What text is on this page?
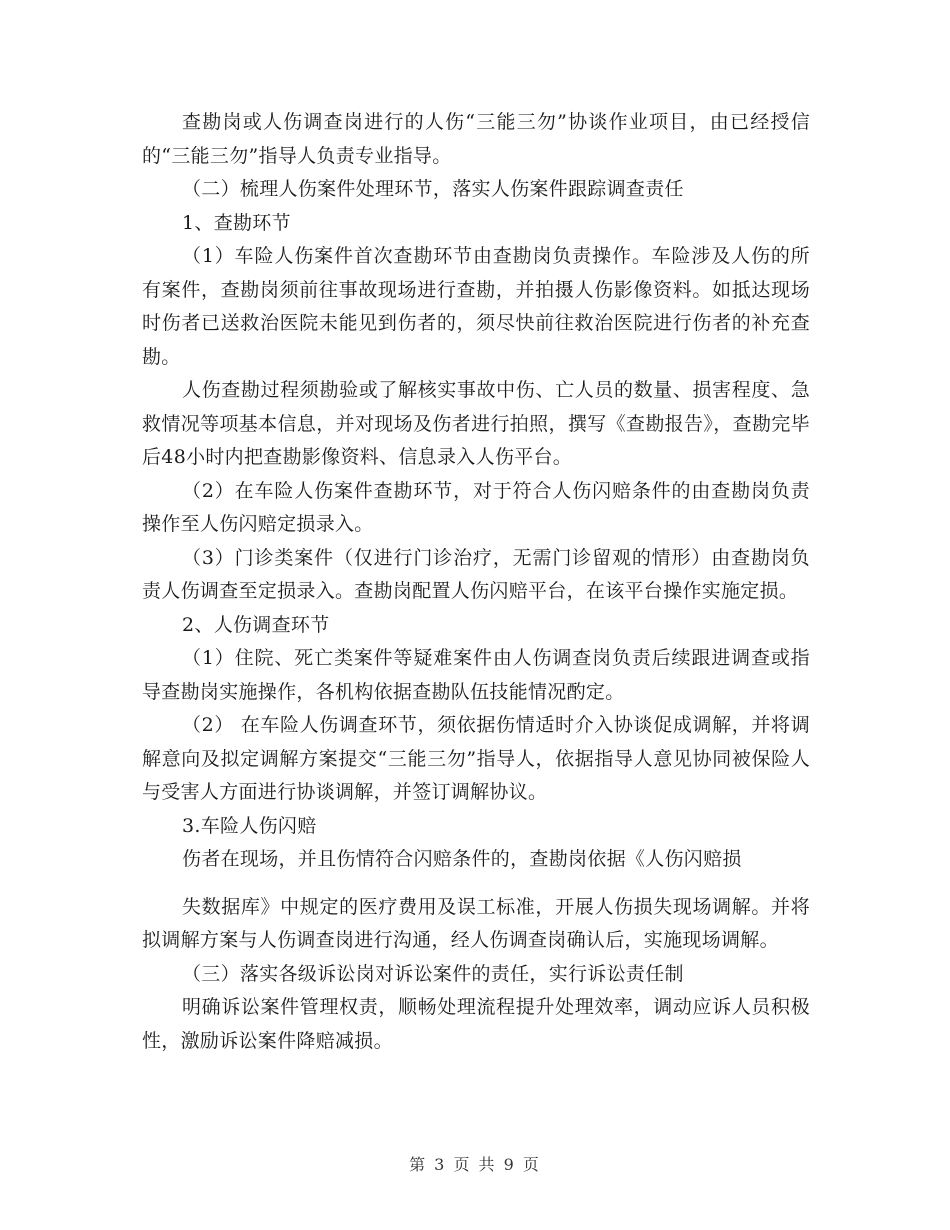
查勘岗或人伤调查岗进行的人伤“三能三勿”协谈作业项目，由已经授信的“三能三勿”指导人负责专业指导。

（二）梳理人伤案件处理环节，落实人伤案件跟踪调查责任

1、查勘环节

（1）车险人伤案件首次查勘环节由查勘岗负责操作。车险涉及人伤的所有案件，查勘岗须前往事故现场进行查勘，并拍摄人伤影像资料。如抵达现场时伤者已送救治医院未能见到伤者的，须尽快前往救治医院进行伤者的补充查勘。

人伤查勘过程须勘验或了解核实事故中伤、亡人员的数量、损害程度、急救情况等项基本信息，并对现场及伤者进行拍照，撰写《查勘报告》，查勘完毕后48小时内把查勘影像资料、信息录入人伤平台。

（2）在车险人伤案件查勘环节，对于符合人伤闪赔条件的由查勘岗负责操作至人伤闪赔定损录入。

（3）门诊类案件（仅进行门诊治疗，无需门诊留观的情形）由查勘岗负责人伤调查至定损录入。查勘岗配置人伤闪赔平台，在该平台操作实施定损。

2、人伤调查环节

（1）住院、死亡类案件等疑难案件由人伤调查岗负责后续跟进调查或指导查勘岗实施操作，各机构依据查勘队伍技能情况酌定。

（2） 在车险人伤调查环节，须依据伤情适时介入协谈促成调解，并将调解意向及拟定调解方案提交“三能三勿”指导人，依据指导人意见协同被保险人与受害人方面进行协谈调解，并签订调解协议。

3.车险人伤闪赔

伤者在现场，并且伤情符合闪赔条件的，查勘岗依据《人伤闪赔损

失数据库》中规定的医疗费用及误工标准，开展人伤损失现场调解。并将拟调解方案与人伤调查岗进行沟通，经人伤调查岗确认后，实施现场调解。

（三）落实各级诉讼岗对诉讼案件的责任，实行诉讼责任制

明确诉讼案件管理权责，顺畅处理流程提升处理效率，调动应诉人员积极性，激励诉讼案件降赔减损。

第 3 页 共 9 页
